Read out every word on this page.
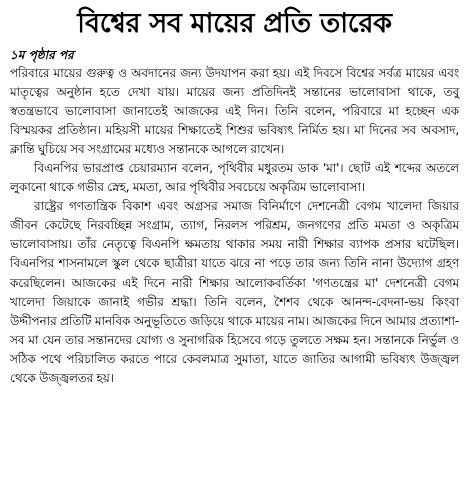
বিশ্বের সব মায়ের প্রতি তারেক
১ম পৃষ্ঠার পর

পরিবারে মায়ের গুরুত্ব ও অবদানের জন্য উদযাপন করা হয়। এই দিবসে বিশ্বের সর্বত্র মায়ের এবং মাতৃত্বের অনুষ্ঠান হতে দেখা যায়। মায়ের জন্য প্রতিদিনই সন্তানের ভালোবাসা থাকে, তবু স্বতন্ত্রভাবে ভালোবাসা জানাতেই আজকের এই দিন। তিনি বলেন, পরিবারে মা হচ্ছেন এক বিস্ময়কর প্রতিষ্ঠান। মহিয়সী মায়ের শিক্ষাতেই শিশুর ভবিষ্যৎ নির্মিত হয়। মা দিনের সব অবসাদ, ক্লান্তি ঘুচিয়ে সব সংগ্রামের মধ্যেও সন্তানকে আগলে রাখেন।

বিএনপির ভারপ্রাপ্ত চেয়ারম্যান বলেন, পৃথিবীর মধুরতম ডাক 'মা'। ছোট এই শব্দের অতলে লুকানো থাকে গভীর স্নেহ, মমতা, আর পৃথিবীর সবচেয়ে অকৃত্রিম ভালোবাসা।

রাষ্ট্রের গণতান্ত্রিক বিকাশ এবং অগ্রসর সমাজ বিনির্মাণে দেশনেত্রী বেগম খালেদা জিয়ার জীবন কেটেছে নিরবচ্ছিন্ন সংগ্রাম, ত্যাগ, নিরলস পরিশ্রম, জনগণের প্রতি মমতা ও অকৃত্রিম ভালোবাসায়। তাঁর নেতৃত্বে বিএনপি ক্ষমতায় থাকার সময় নারী শিক্ষার ব্যাপক প্রসার ঘটেছিল। বিএনপির শাসনামলে স্কুল থেকে ছাত্রীরা যাতে ঝরে না পড়ে তার জন্য তিনি নানা উদ্যোগ গ্রহণ করেছিলেন। আজকের এই দিনে নারী শিক্ষার আলোকবর্তিকা 'গণতন্ত্রের মা' দেশনেত্রী বেগম খালেদা জিয়াকে জানাই গভীর শ্রদ্ধা। তিনি বলেন, শৈশব থেকে আনন্দ-বেদনা-ভয় কিংবা উদ্দীপনার প্রতিটি মানবিক অনুভূতিতে জড়িয়ে থাকে মায়ের নাম। আজকের দিনে আমার প্রত্যাশা-সব মা যেন তার সন্তানদের যোগ্য ও সুনাগরিক হিসেবে গড়ে তুলতে সক্ষম হন। সন্তানকে নির্ভুল ও সঠিক পথে পরিচালিত করতে পারে কেবলমাত্র সুমাতা, যাতে জাতির আগামী ভবিষ্যৎ উজ্জ্বল থেকে উজ্জ্বলতর হয়।
